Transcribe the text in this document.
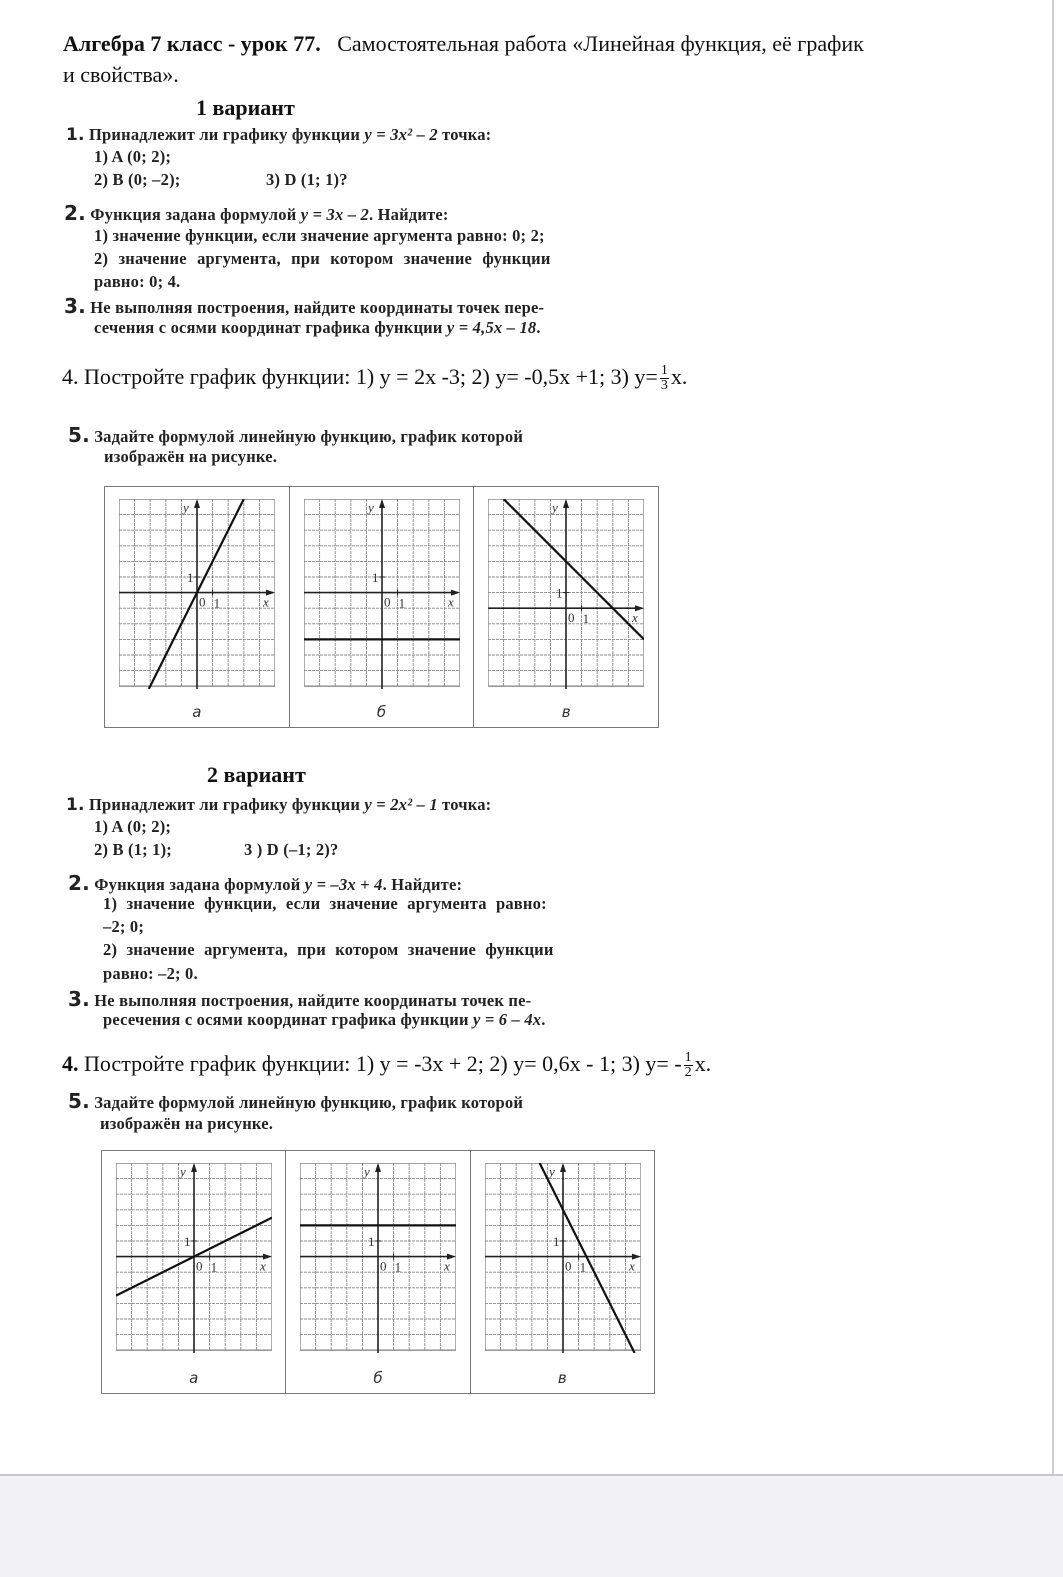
Алгебра 7 класс - урок 77. Самостоятельная работа «Линейная функция, её график
и свойства».
1 вариант
1. Принадлежит ли графику функции y = 3x² – 2 точка:
1) A (0; 2);
2) B (0; –2);	3) D (1; 1)?
2. Функция задана формулой y = 3x – 2. Найдите:
1) значение функции, если значение аргумента равно: 0; 2;
2) значение аргумента, при котором значение функции
равно: 0; 4.
3. Не выполняя построения, найдите координаты точек пере-
сечения с осями координат графика функции y = 4,5x – 18.
4. Постройте график функции: 1) у = 2х -3; 2) у= -0,5х +1; 3) $у= \frac{1}{3} х$.
5. Задайте формулой линейную функцию, график которой
изображён на рисунке.
y
x
0 1
1
а
y
x
0 1
1
б
y
x
0 1
1
в
2 вариант
1. Принадлежит ли графику функции y = 2x² – 1 точка:
1) A (0; 2);
2) B (1; 1);	3 ) D (–1; 2)?
2. Функция задана формулой y = –3x + 4. Найдите:
1) значение функции, если значение аргумента равно:
–2; 0;
2) значение аргумента, при котором значение функции
равно: –2; 0.
3. Не выполняя построения, найдите координаты точек пе-
ресечения с осями координат графика функции y = 6 – 4x.
4. Постройте график функции: 1) у = -3х + 2; 2) у= 0,6х - 1; 3) $у= - \frac{1}{2} х$.
5. Задайте формулой линейную функцию, график которой
изображён на рисунке.
y
x
0 1
1
а
y
x
0 1
1
б
y
x
0 1
1
в
